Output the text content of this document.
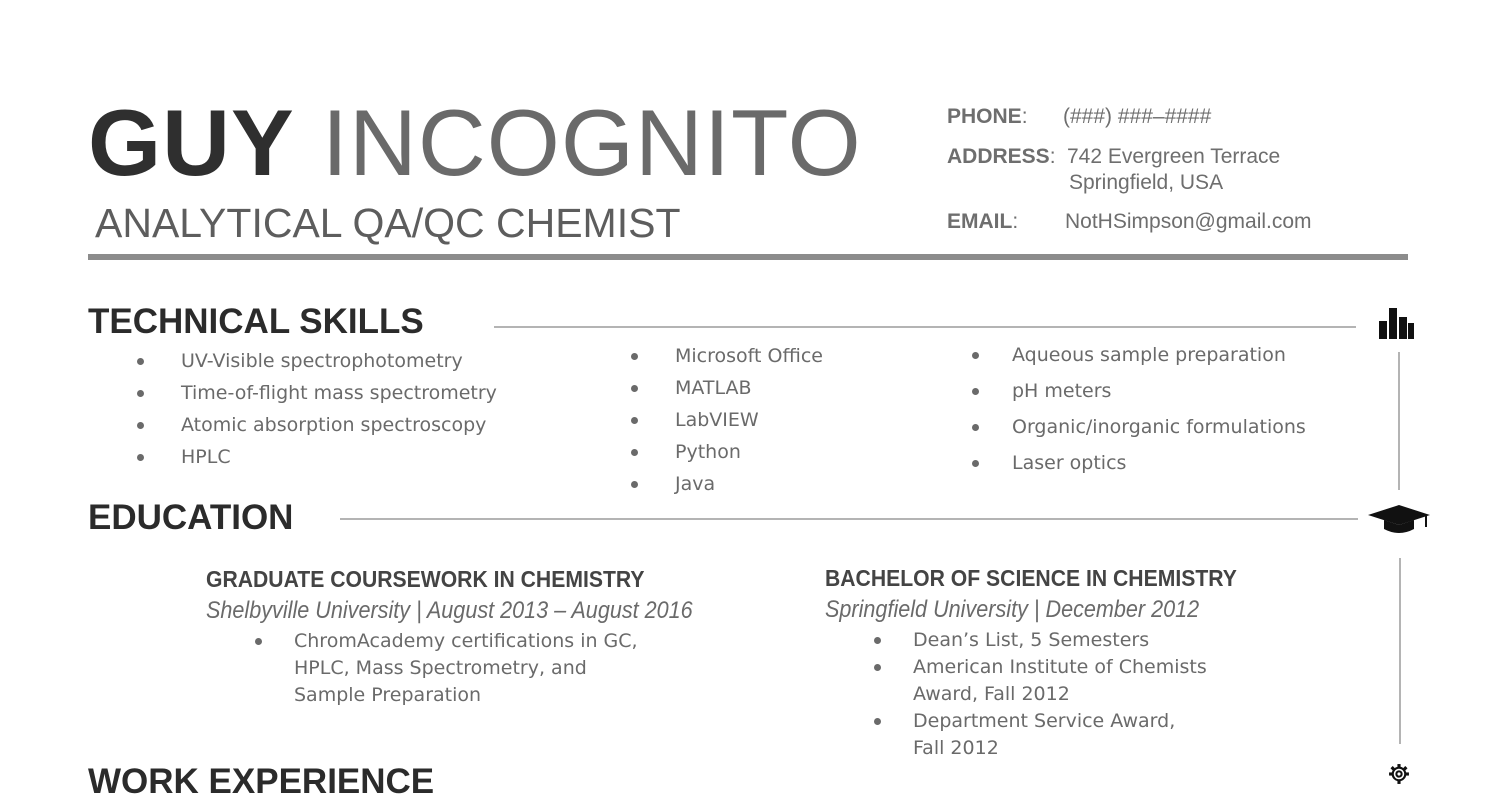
GUY INCOGNITO
ANALYTICAL QA/QC CHEMIST
PHONE: (###) ###–####
ADDRESS: 742 Evergreen Terrace
Springfield, USA
EMAIL: NotHSimpson@gmail.com
TECHNICAL SKILLS
UV-Visible spectrophotometry
Time-of-flight mass spectrometry
Atomic absorption spectroscopy
HPLC
Microsoft Office
MATLAB
LabVIEW
Python
Java
Aqueous sample preparation
pH meters
Organic/inorganic formulations
Laser optics
EDUCATION
GRADUATE COURSEWORK IN CHEMISTRY
Shelbyville University | August 2013 – August 2016
ChromAcademy certifications in GC,
HPLC, Mass Spectrometry, and
Sample Preparation
BACHELOR OF SCIENCE IN CHEMISTRY
Springfield University | December 2012
Dean’s List, 5 Semesters
American Institute of Chemists
Award, Fall 2012
Department Service Award,
Fall 2012
WORK EXPERIENCE
